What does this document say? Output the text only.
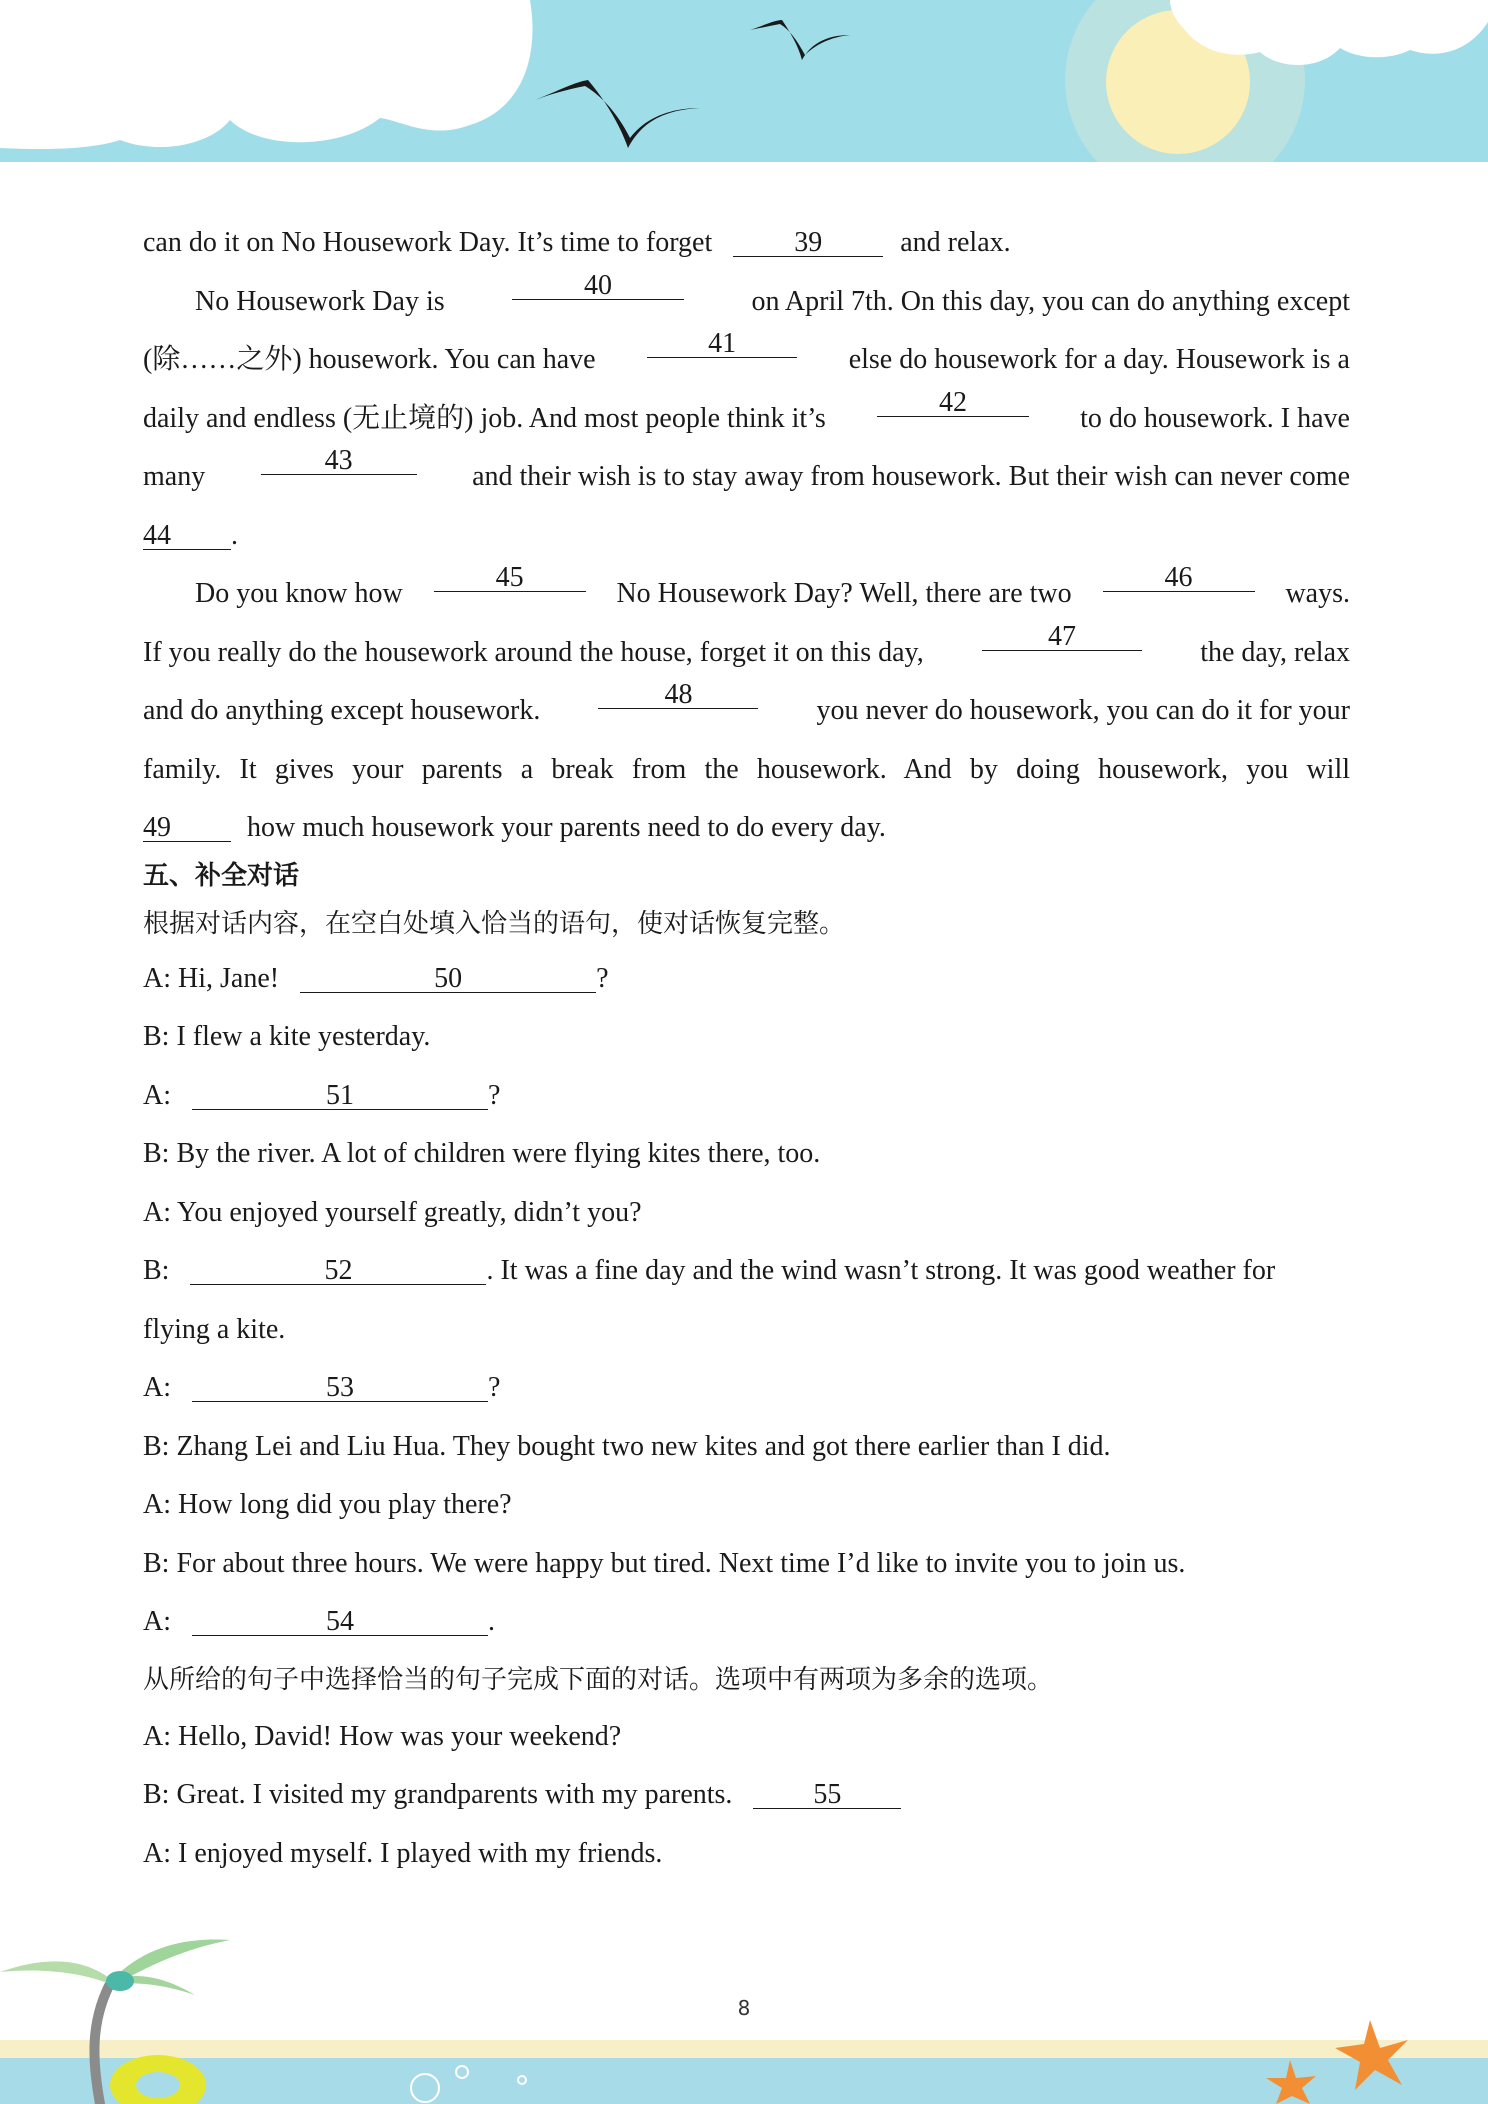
can do it on No Housework Day. It’s time to forget	39	and relax.
No Housework Day is
40
on April 7th. On this day, you can do anything except
(除……之外) housework. You can have
41
else do housework for a day. Housework is a
daily and endless (无止境的) job. And most people think it’s
42
to do housework. I have
many
43
and their wish is to stay away from housework. But their wish can never come
44 .
Do you know how
45
No Housework Day? Well, there are two
46
ways.
If you really do the housework around the house, forget it on this day,
47
the day, relax
and do anything except housework.
48
you never do housework, you can do it for your
family. It gives your parents a break from the housework. And by doing housework, you will
49	how much housework your parents need to do every day.
五、补全对话
根据对话内容，在空白处填入恰当的语句，使对话恢复完整。
A: Hi, Jane!	50	?
B: I flew a kite yesterday.
A:	51	?
B: By the river. A lot of children were flying kites there, too.
A: You enjoyed yourself greatly, didn’t you?
B:	52	. It was a fine day and the wind wasn’t strong. It was good weather for
flying a kite.
A:	53	?
B: Zhang Lei and Liu Hua. They bought two new kites and got there earlier than I did.
A: How long did you play there?
B: For about three hours. We were happy but tired. Next time I’d like to invite you to join us.
A:	54	.
从所给的句子中选择恰当的句子完成下面的对话。选项中有两项为多余的选项。
A: Hello, David! How was your weekend?
B: Great. I visited my grandparents with my parents.	55
A: I enjoyed myself. I played with my friends.
8
